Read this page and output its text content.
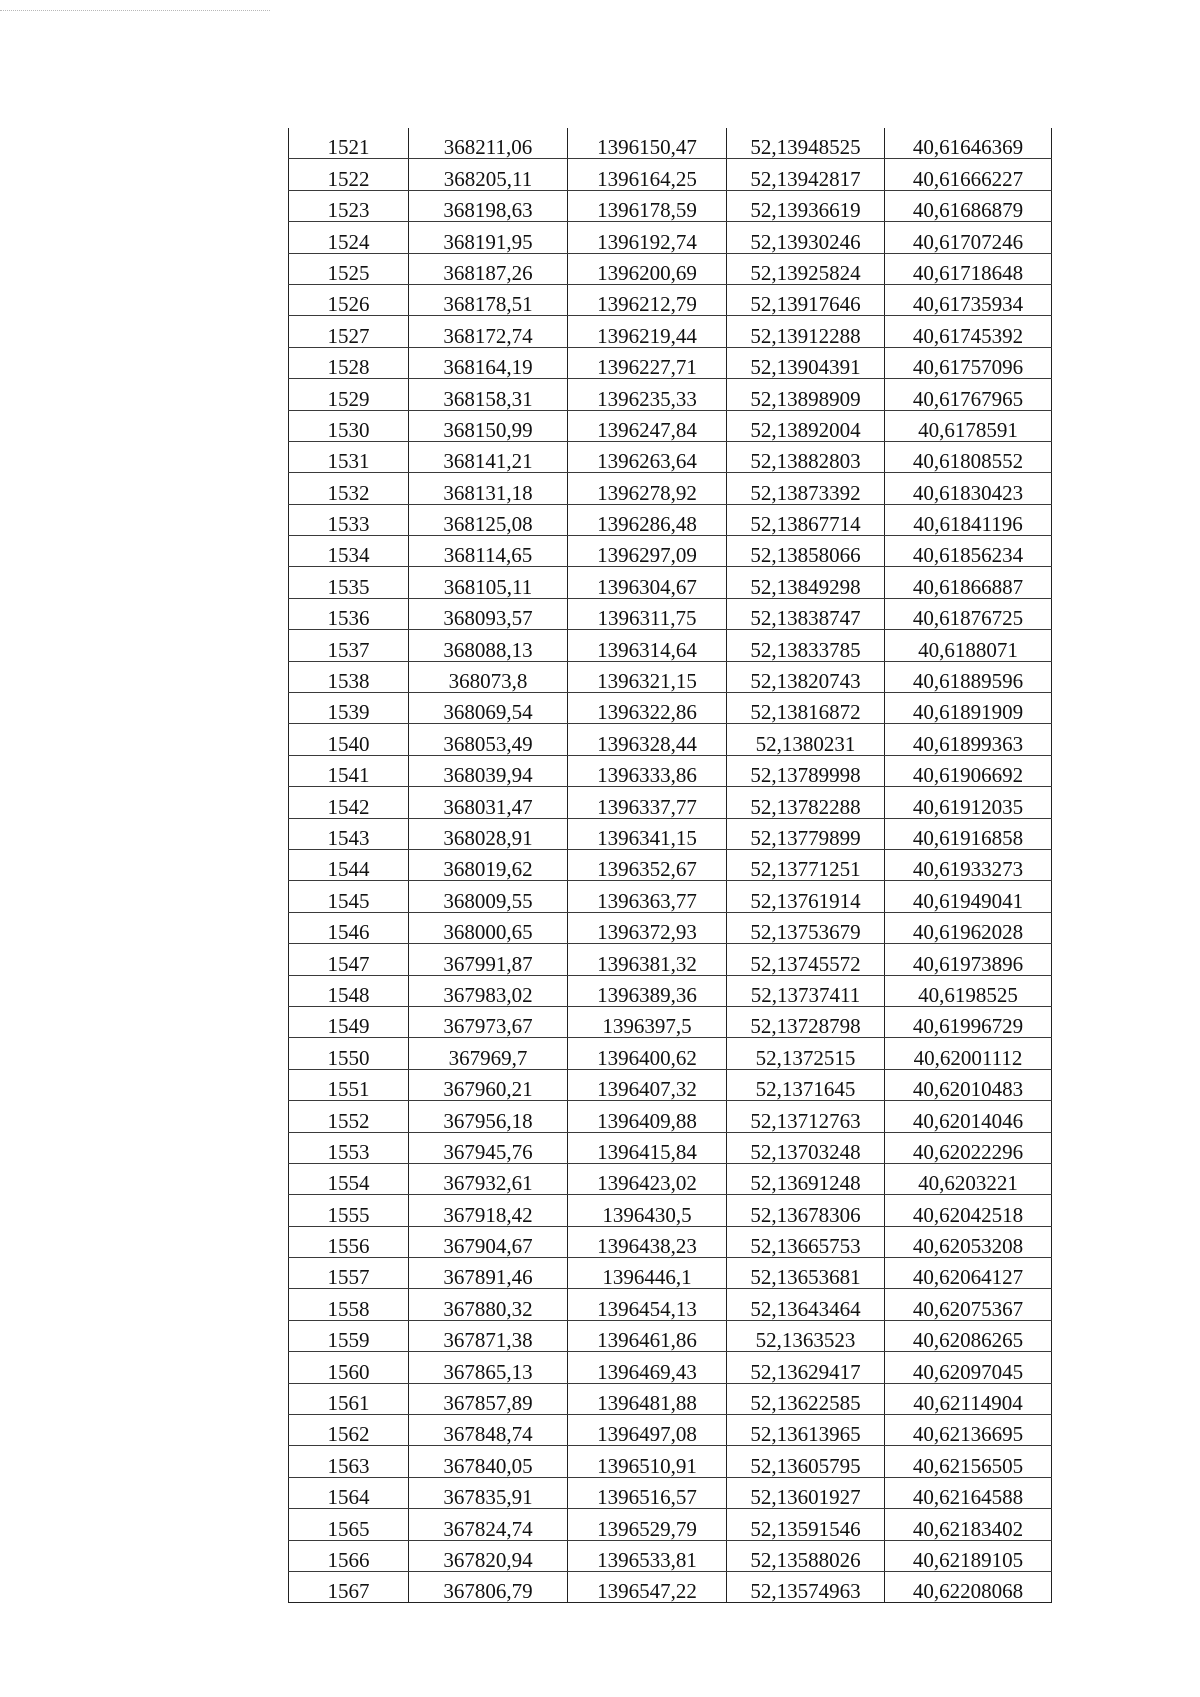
1521	368211,06	1396150,47	52,13948525	40,61646369
1522	368205,11	1396164,25	52,13942817	40,61666227
1523	368198,63	1396178,59	52,13936619	40,61686879
1524	368191,95	1396192,74	52,13930246	40,61707246
1525	368187,26	1396200,69	52,13925824	40,61718648
1526	368178,51	1396212,79	52,13917646	40,61735934
1527	368172,74	1396219,44	52,13912288	40,61745392
1528	368164,19	1396227,71	52,13904391	40,61757096
1529	368158,31	1396235,33	52,13898909	40,61767965
1530	368150,99	1396247,84	52,13892004	40,6178591
1531	368141,21	1396263,64	52,13882803	40,61808552
1532	368131,18	1396278,92	52,13873392	40,61830423
1533	368125,08	1396286,48	52,13867714	40,61841196
1534	368114,65	1396297,09	52,13858066	40,61856234
1535	368105,11	1396304,67	52,13849298	40,61866887
1536	368093,57	1396311,75	52,13838747	40,61876725
1537	368088,13	1396314,64	52,13833785	40,6188071
1538	368073,8	1396321,15	52,13820743	40,61889596
1539	368069,54	1396322,86	52,13816872	40,61891909
1540	368053,49	1396328,44	52,1380231	40,61899363
1541	368039,94	1396333,86	52,13789998	40,61906692
1542	368031,47	1396337,77	52,13782288	40,61912035
1543	368028,91	1396341,15	52,13779899	40,61916858
1544	368019,62	1396352,67	52,13771251	40,61933273
1545	368009,55	1396363,77	52,13761914	40,61949041
1546	368000,65	1396372,93	52,13753679	40,61962028
1547	367991,87	1396381,32	52,13745572	40,61973896
1548	367983,02	1396389,36	52,13737411	40,6198525
1549	367973,67	1396397,5	52,13728798	40,61996729
1550	367969,7	1396400,62	52,1372515	40,62001112
1551	367960,21	1396407,32	52,1371645	40,62010483
1552	367956,18	1396409,88	52,13712763	40,62014046
1553	367945,76	1396415,84	52,13703248	40,62022296
1554	367932,61	1396423,02	52,13691248	40,6203221
1555	367918,42	1396430,5	52,13678306	40,62042518
1556	367904,67	1396438,23	52,13665753	40,62053208
1557	367891,46	1396446,1	52,13653681	40,62064127
1558	367880,32	1396454,13	52,13643464	40,62075367
1559	367871,38	1396461,86	52,1363523	40,62086265
1560	367865,13	1396469,43	52,13629417	40,62097045
1561	367857,89	1396481,88	52,13622585	40,62114904
1562	367848,74	1396497,08	52,13613965	40,62136695
1563	367840,05	1396510,91	52,13605795	40,62156505
1564	367835,91	1396516,57	52,13601927	40,62164588
1565	367824,74	1396529,79	52,13591546	40,62183402
1566	367820,94	1396533,81	52,13588026	40,62189105
1567	367806,79	1396547,22	52,13574963	40,62208068
